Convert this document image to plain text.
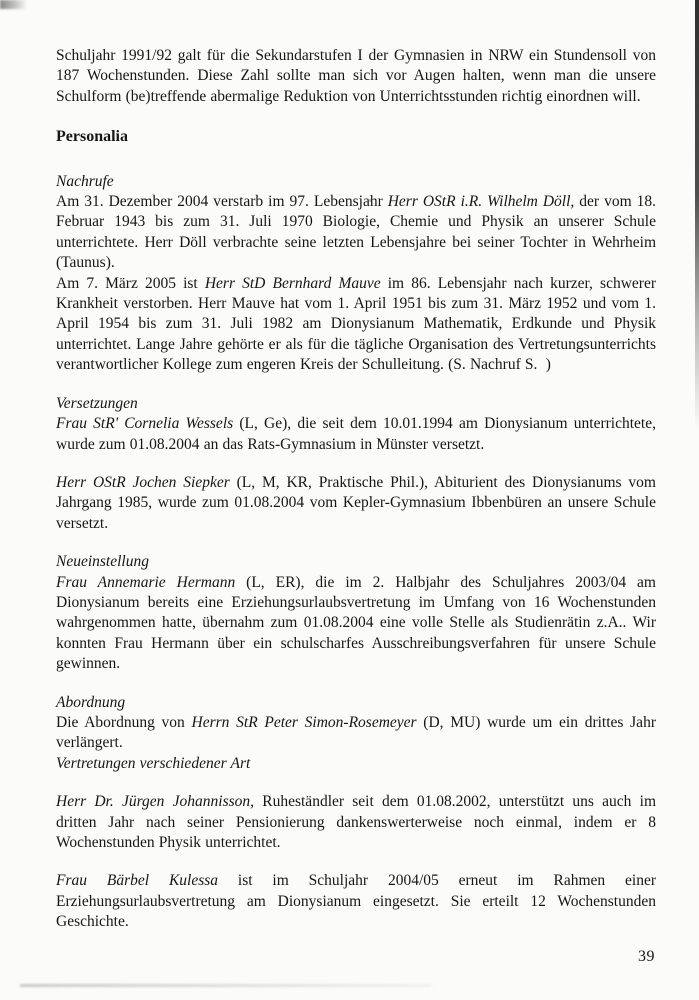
Schuljahr 1991/92 galt für die Sekundarstufen I der Gymnasien in NRW ein Stundensoll von 187 Wochenstunden. Diese Zahl sollte man sich vor Augen halten, wenn man die unsere Schulform (be)treffende abermalige Reduktion von Unterrichtsstunden richtig einordnen will.

Personalia

Nachrufe

Am 31. Dezember 2004 verstarb im 97. Lebensjahr Herr OStR i.R. Wilhelm Döll, der vom 18. Februar 1943 bis zum 31. Juli 1970 Biologie, Chemie und Physik an unserer Schule unterrichtete. Herr Döll verbrachte seine letzten Lebensjahre bei seiner Tochter in Wehrheim (Taunus).

Am 7. März 2005 ist Herr StD Bernhard Mauve im 86. Lebensjahr nach kurzer, schwerer Krankheit verstorben. Herr Mauve hat vom 1. April 1951 bis zum 31. März 1952 und vom 1. April 1954 bis zum 31. Juli 1982 am Dionysianum Mathematik, Erdkunde und Physik unterrichtet. Lange Jahre gehörte er als für die tägliche Organisation des Vertretungsunterrichts verantwortlicher Kollege zum engeren Kreis der Schulleitung. (S. Nachruf S.  )

Versetzungen

Frau StR' Cornelia Wessels (L, Ge), die seit dem 10.01.1994 am Dionysianum unterrichtete, wurde zum 01.08.2004 an das Rats-Gymnasium in Münster versetzt.

Herr OStR Jochen Siepker (L, M, KR, Praktische Phil.), Abiturient des Dionysianums vom Jahrgang 1985, wurde zum 01.08.2004 vom Kepler-Gymnasium Ibbenbüren an unsere Schule versetzt.

Neueinstellung

Frau Annemarie Hermann (L, ER), die im 2. Halbjahr des Schuljahres 2003/04 am Dionysianum bereits eine Erziehungsurlaubsvertretung im Umfang von 16 Wochenstunden wahrgenommen hatte, übernahm zum 01.08.2004 eine volle Stelle als Studienrätin z.A.. Wir konnten Frau Hermann über ein schulscharfes Ausschreibungsverfahren für unsere Schule gewinnen.

Abordnung

Die Abordnung von Herrn StR Peter Simon-Rosemeyer (D, MU) wurde um ein drittes Jahr verlängert.

Vertretungen verschiedener Art

Herr Dr. Jürgen Johannisson, Ruheständler seit dem 01.08.2002, unterstützt uns auch im dritten Jahr nach seiner Pensionierung dankenswerterweise noch einmal, indem er 8 Wochenstunden Physik unterrichtet.

Frau Bärbel Kulessa ist im Schuljahr 2004/05 erneut im Rahmen einer Erziehungsurlaubsvertretung am Dionysianum eingesetzt. Sie erteilt 12 Wochenstunden Geschichte.

39
